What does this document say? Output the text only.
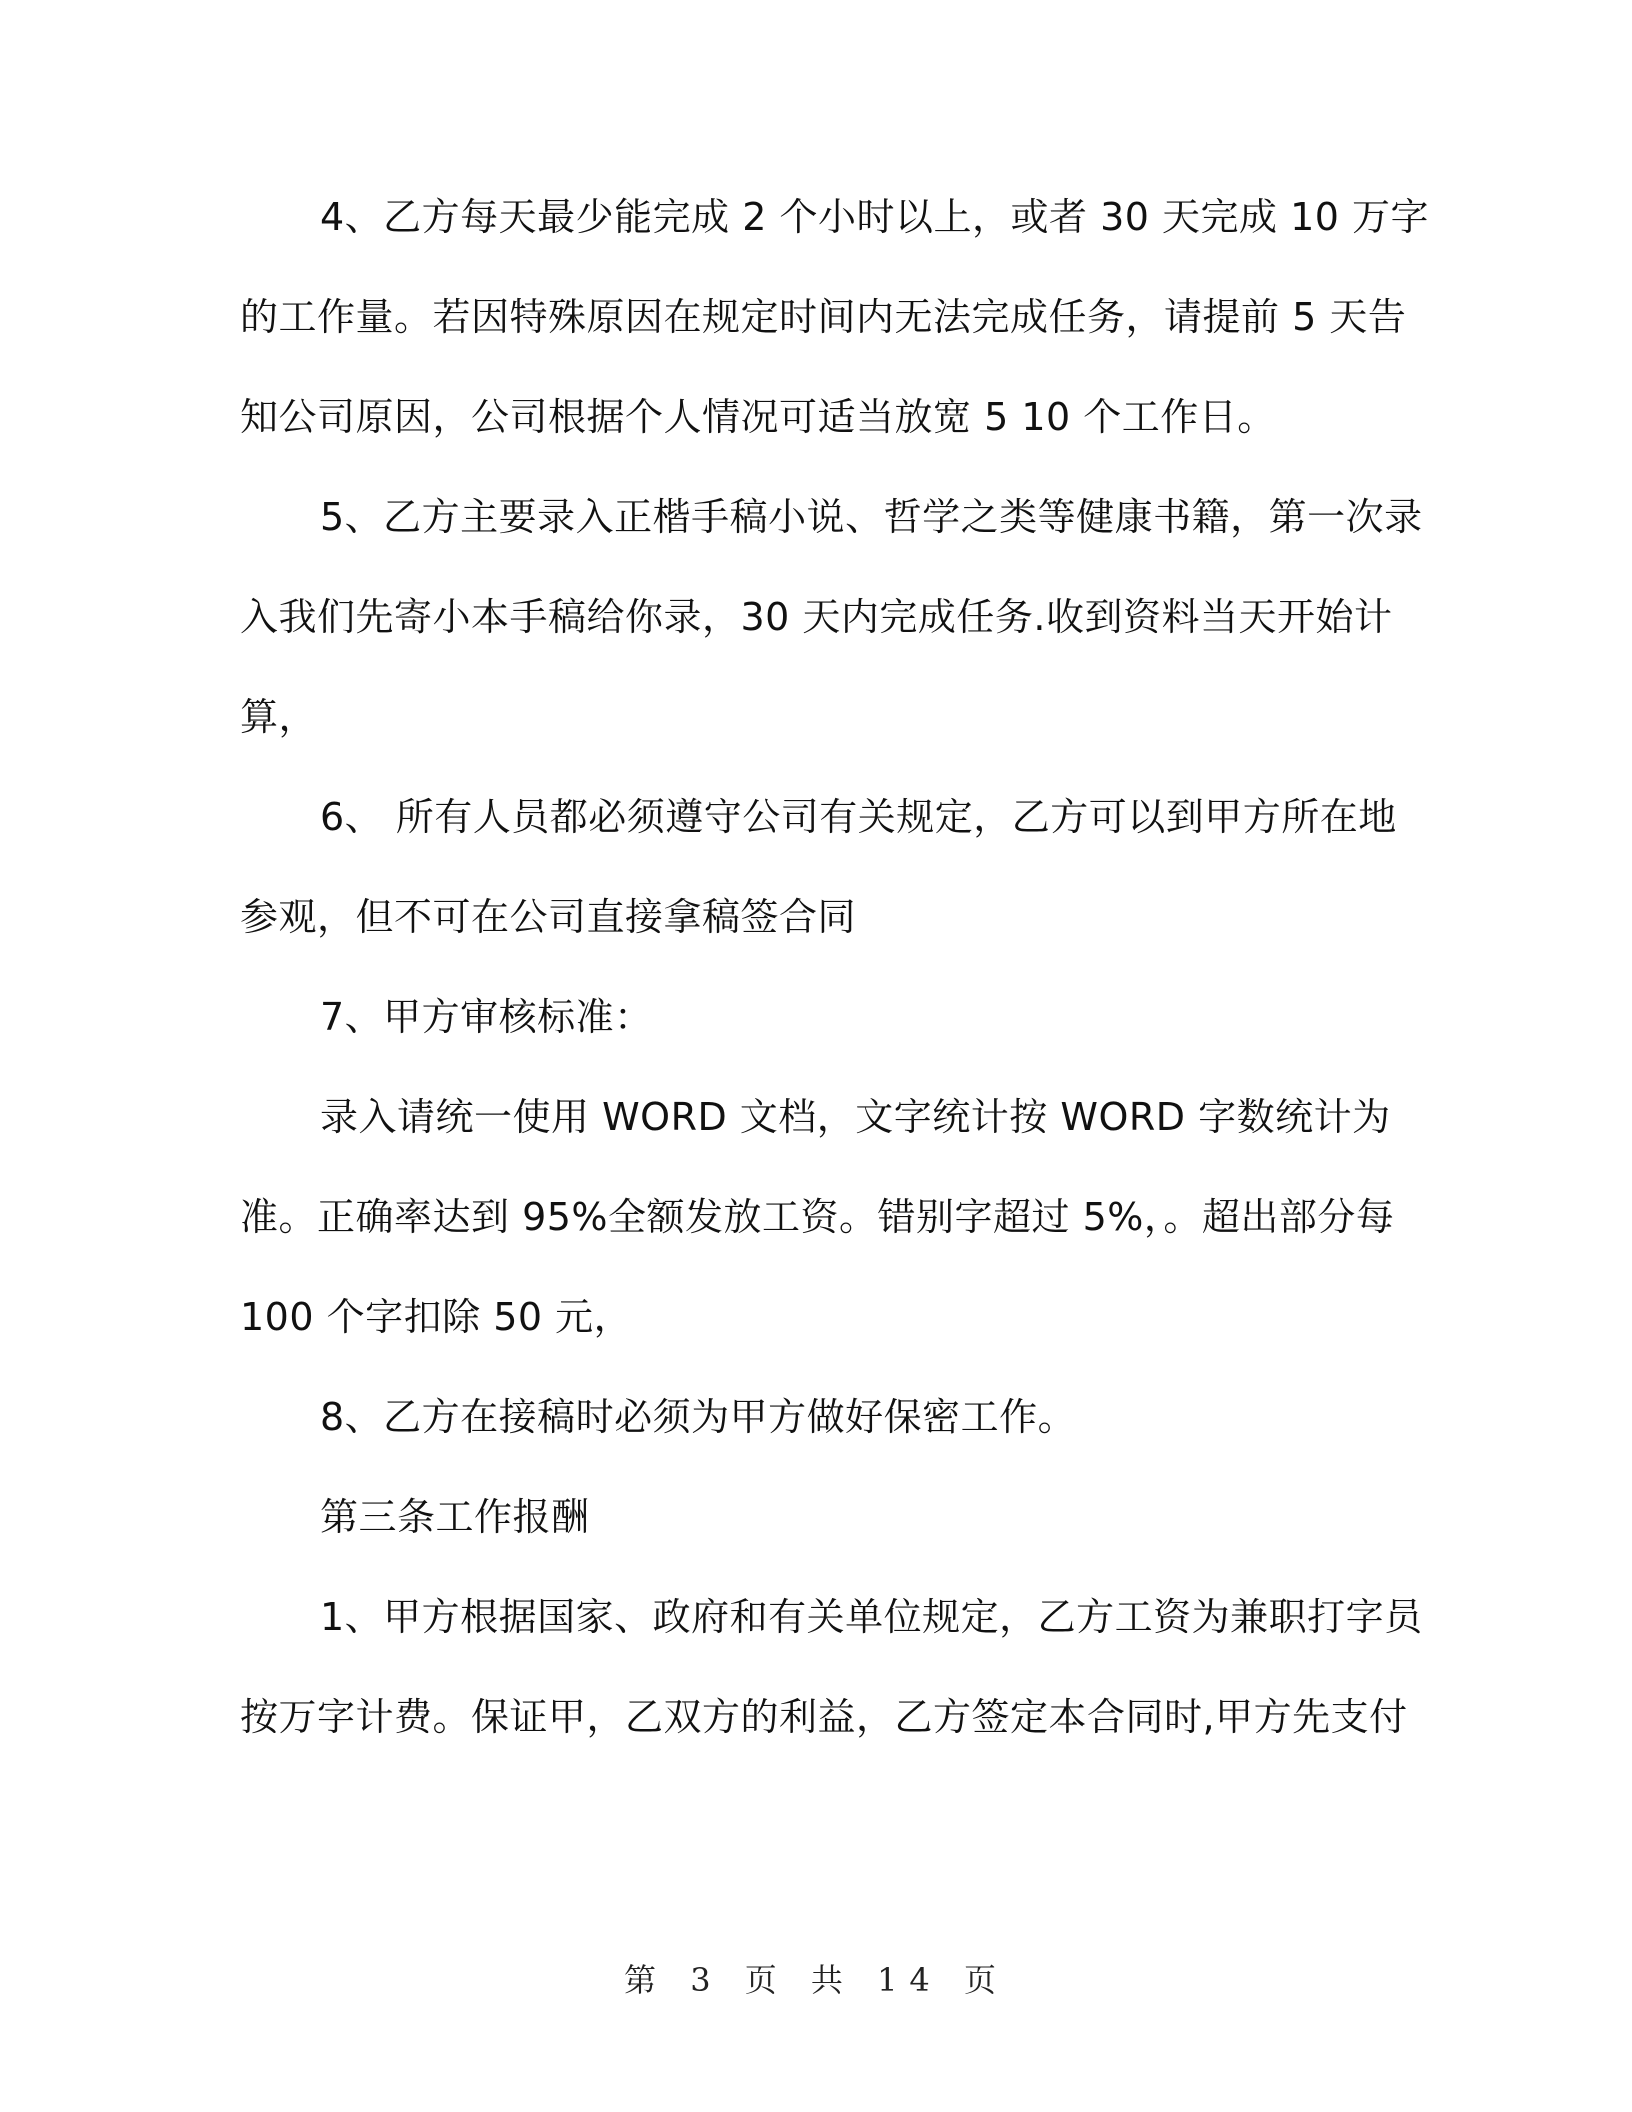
4、乙方每天最少能完成 2 个小时以上，或者 30 天完成 10 万字
的工作量。若因特殊原因在规定时间内无法完成任务，请提前 5 天告
知公司原因，公司根据个人情况可适当放宽 5 10 个工作日。
5、乙方主要录入正楷手稿小说、哲学之类等健康书籍，第一次录
入我们先寄小本手稿给你录，30 天内完成任务.收到资料当天开始计
算，
6、 所有人员都必须遵守公司有关规定，乙方可以到甲方所在地
参观，但不可在公司直接拿稿签合同
7、甲方审核标准：
录入请统一使用 WORD 文档，文字统计按 WORD 字数统计为
准。正确率达到 95%全额发放工资。错别字超过 5%，。超出部分每
100 个字扣除 50 元，
8、乙方在接稿时必须为甲方做好保密工作。
第三条工作报酬
1、甲方根据国家、政府和有关单位规定，乙方工资为兼职打字员
按万字计费。保证甲，乙双方的利益，乙方签定本合同时,甲方先支付
第 3 页 共 14 页
